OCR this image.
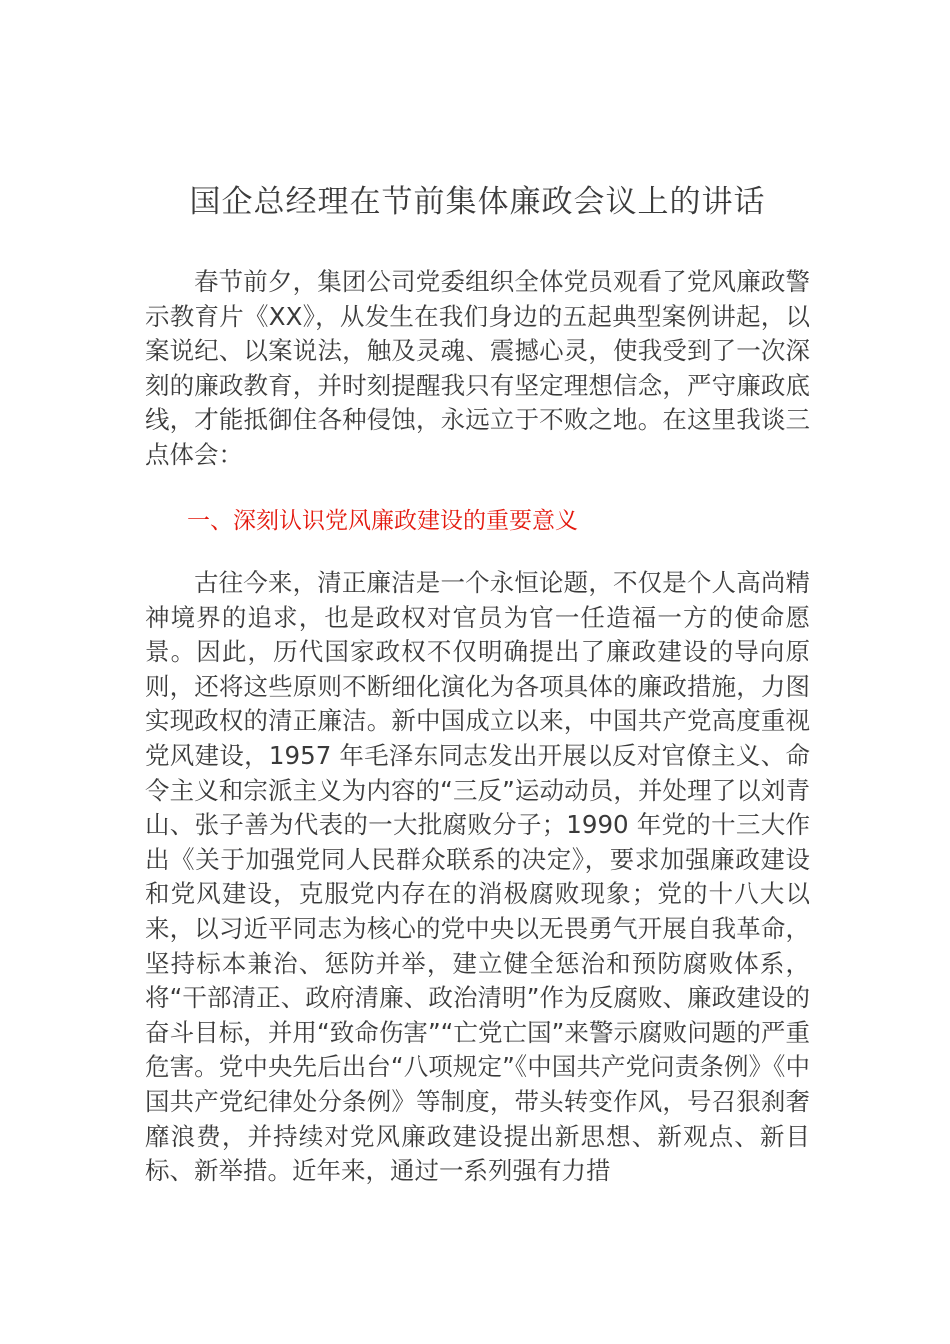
国企总经理在节前集体廉政会议上的讲话

春节前夕，集团公司党委组织全体党员观看了党风廉政警示教育片《XX》，从发生在我们身边的五起典型案例讲起，以案说纪、以案说法，触及灵魂、震撼心灵，使我受到了一次深刻的廉政教育，并时刻提醒我只有坚定理想信念，严守廉政底线，才能抵御住各种侵蚀，永远立于不败之地。在这里我谈三点体会：

一、深刻认识党风廉政建设的重要意义

古往今来，清正廉洁是一个永恒论题，不仅是个人高尚精神境界的追求，也是政权对官员为官一任造福一方的使命愿景。因此，历代国家政权不仅明确提出了廉政建设的导向原则，还将这些原则不断细化演化为各项具体的廉政措施，力图实现政权的清正廉洁。新中国成立以来，中国共产党高度重视党风建设，1957 年毛泽东同志发出开展以反对官僚主义、命令主义和宗派主义为内容的“三反”运动动员，并处理了以刘青山、张子善为代表的一大批腐败分子；1990 年党的十三大作出《关于加强党同人民群众联系的决定》，要求加强廉政建设和党风建设，克服党内存在的消极腐败现象；党的十八大以来，以习近平同志为核心的党中央以无畏勇气开展自我革命，坚持标本兼治、惩防并举，建立健全惩治和预防腐败体系，将“干部清正、政府清廉、政治清明”作为反腐败、廉政建设的奋斗目标，并用“致命伤害”“亡党亡国”来警示腐败问题的严重危害。党中央先后出台“八项规定”《中国共产党问责条例》《中国共产党纪律处分条例》等制度，带头转变作风，号召狠刹奢靡浪费，并持续对党风廉政建设提出新思想、新观点、新目标、新举措。近年来，通过一系列强有力措
